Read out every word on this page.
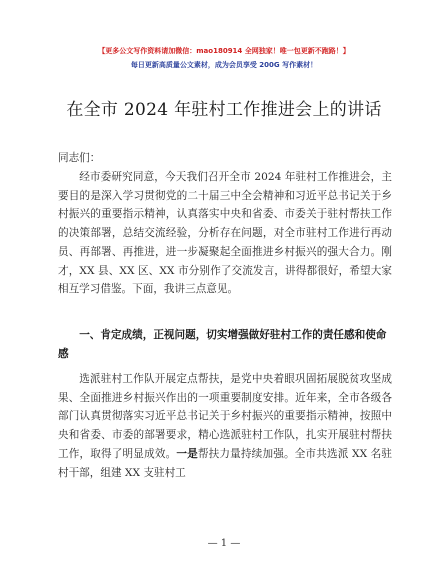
【更多公文写作资料请加微信：mao180914 全网独家！唯一包更新不跑路！】
每日更新高质量公文素材，成为会员享受 200G 写作素材！
在全市 2024 年驻村工作推进会上的讲话
同志们：
经市委研究同意，今天我们召开全市 2024 年驻村工作推进会，主要目的是深入学习贯彻党的二十届三中全会精神和习近平总书记关于乡村振兴的重要指示精神，认真落实中央和省委、市委关于驻村帮扶工作的决策部署，总结交流经验，分析存在问题，对全市驻村工作进行再动员、再部署、再推进，进一步凝聚起全面推进乡村振兴的强大合力。刚才，XX 县、XX 区、XX 市分别作了交流发言，讲得都很好，希望大家相互学习借鉴。下面，我讲三点意见。
一、肯定成绩，正视问题，切实增强做好驻村工作的责任感和使命感
选派驻村工作队开展定点帮扶，是党中央着眼巩固拓展脱贫攻坚成果、全面推进乡村振兴作出的一项重要制度安排。近年来，全市各级各部门认真贯彻落实习近平总书记关于乡村振兴的重要指示精神，按照中央和省委、市委的部署要求，精心选派驻村工作队，扎实开展驻村帮扶工作，取得了明显成效。一是帮扶力量持续加强。全市共选派 XX 名驻村干部，组建 XX 支驻村工
— 1 —
